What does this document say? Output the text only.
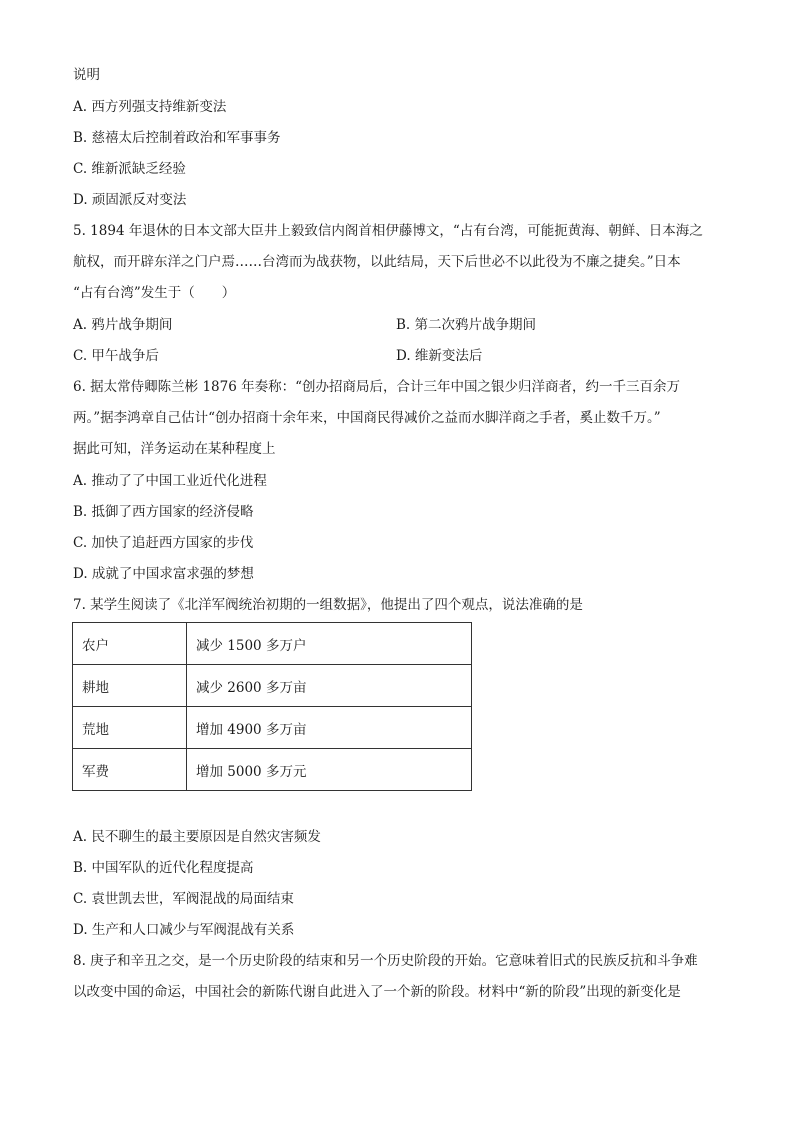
说明
A. 西方列强支持维新变法
B. 慈禧太后控制着政治和军事事务
C. 维新派缺乏经验
D. 顽固派反对变法
5. 1894 年退休的日本文部大臣井上毅致信内阁首相伊藤博文，“占有台湾，可能扼黄海、朝鲜、日本海之
航权，而开辟东洋之门户焉……台湾而为战获物，以此结局，天下后世必不以此役为不廉之捷矣。”日本
“占有台湾”发生于（　　）
A. 鸦片战争期间	B. 第二次鸦片战争期间
C. 甲午战争后	D. 维新变法后
6. 据太常侍卿陈兰彬 1876 年奏称：“创办招商局后，合计三年中国之银少归洋商者，约一千三百余万
两。”据李鸿章自己估计“创办招商十余年来，中国商民得减价之益而水脚洋商之手者，奚止数千万。”
据此可知，洋务运动在某种程度上
A. 推动了了中国工业近代化进程
B. 抵御了西方国家的经济侵略
C. 加快了追赶西方国家的步伐
D. 成就了中国求富求强的梦想
7. 某学生阅读了《北洋军阀统治初期的一组数据》，他提出了四个观点，说法准确的是
农户	减少 1500 多万户
耕地	减少 2600 多万亩
荒地	增加 4900 多万亩
军费	增加 5000 多万元
A. 民不聊生的最主要原因是自然灾害频发
B. 中国军队的近代化程度提高
C. 袁世凯去世，军阀混战的局面结束
D. 生产和人口减少与军阀混战有关系
8. 庚子和辛丑之交，是一个历史阶段的结束和另一个历史阶段的开始。它意味着旧式的民族反抗和斗争难
以改变中国的命运，中国社会的新陈代谢自此进入了一个新的阶段。材料中“新的阶段”出现的新变化是
